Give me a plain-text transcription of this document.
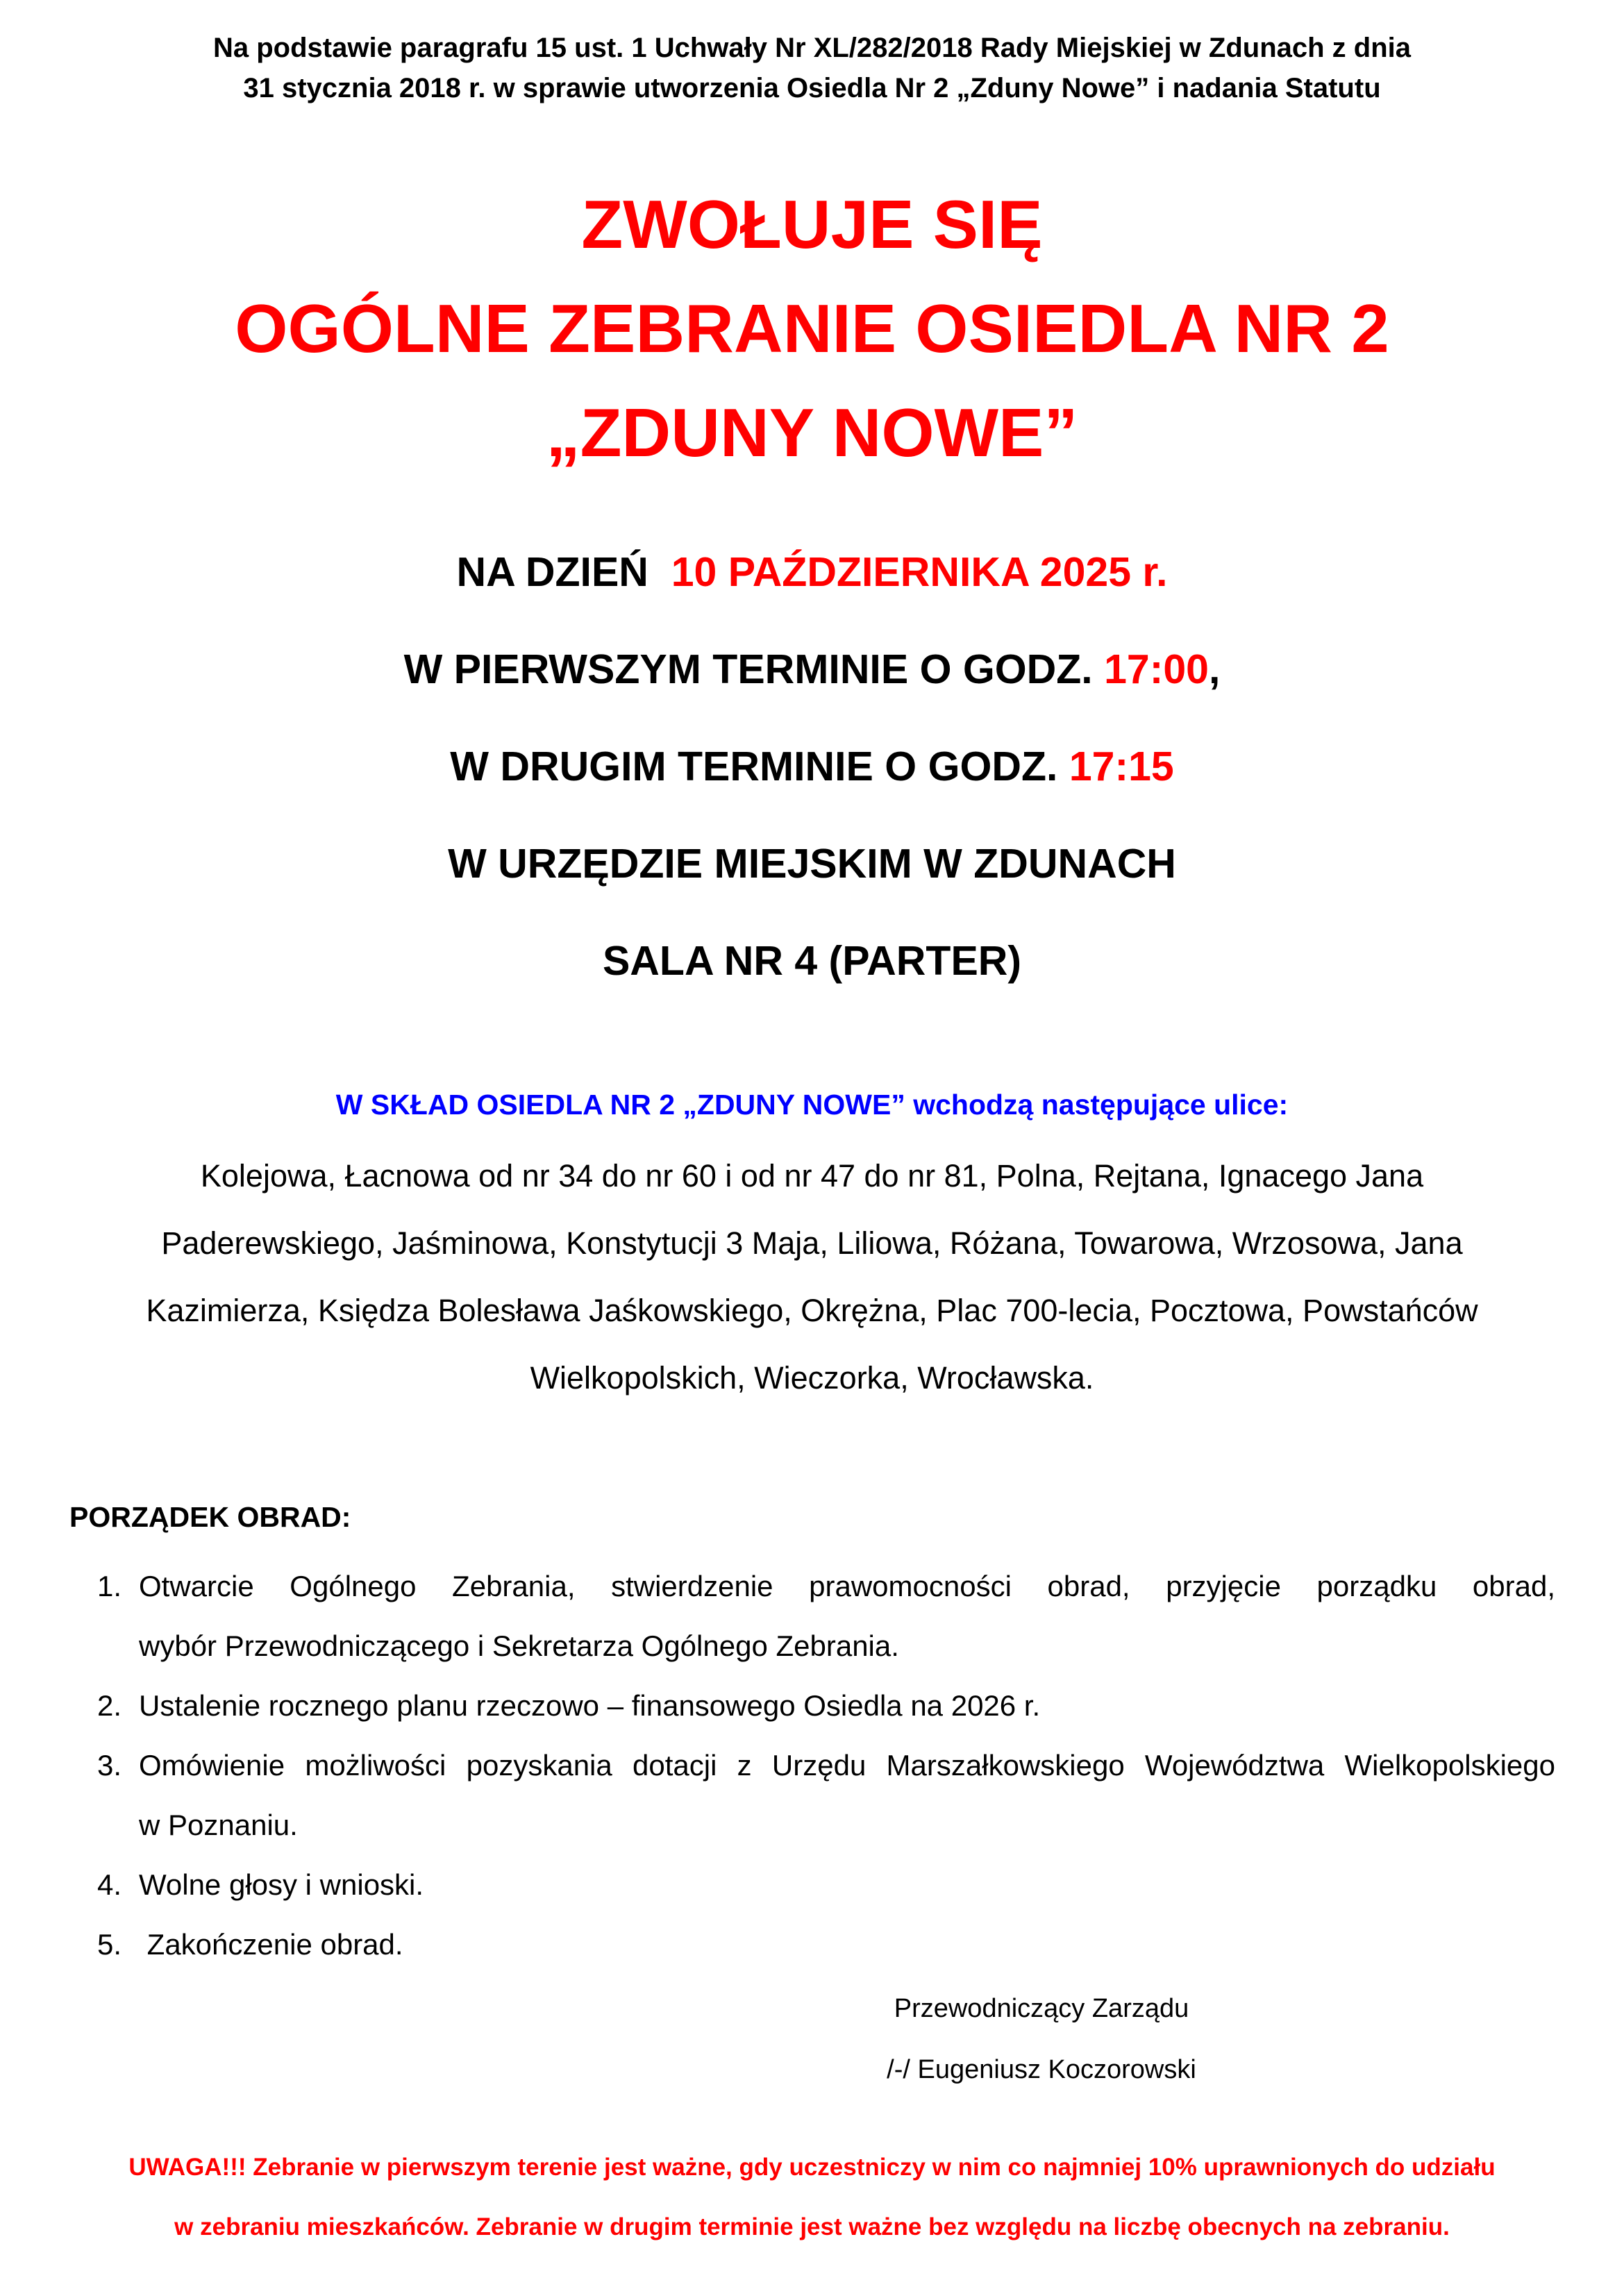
Na podstawie paragrafu 15 ust. 1 Uchwały Nr XL/282/2018 Rady Miejskiej w Zdunach z dnia
31 stycznia 2018 r. w sprawie utworzenia Osiedla Nr 2 „Zduny Nowe” i nadania Statutu
ZWOŁUJE SIĘ
OGÓLNE ZEBRANIE OSIEDLA NR 2
„ZDUNY NOWE”
NA DZIEŃ 10 PAŹDZIERNIKA 2025 r.
W PIERWSZYM TERMINIE O GODZ. 17:00,
W DRUGIM TERMINIE O GODZ. 17:15
W URZĘDZIE MIEJSKIM W ZDUNACH
SALA NR 4 (PARTER)
W SKŁAD OSIEDLA NR 2 „ZDUNY NOWE” wchodzą następujące ulice:
Kolejowa, Łacnowa od nr 34 do nr 60 i od nr 47 do nr 81, Polna, Rejtana, Ignacego Jana
Paderewskiego, Jaśminowa, Konstytucji 3 Maja, Liliowa, Różana, Towarowa, Wrzosowa, Jana
Kazimierza, Księdza Bolesława Jaśkowskiego, Okrężna, Plac 700-lecia, Pocztowa, Powstańców
Wielkopolskich, Wieczorka, Wrocławska.
PORZĄDEK OBRAD:
1. Otwarcie Ogólnego Zebrania, stwierdzenie prawomocności obrad, przyjęcie porządku obrad,
wybór Przewodniczącego i Sekretarza Ogólnego Zebrania.
2. Ustalenie rocznego planu rzeczowo – finansowego Osiedla na 2026 r.
3. Omówienie możliwości pozyskania dotacji z Urzędu Marszałkowskiego Województwa Wielkopolskiego
w Poznaniu.
4. Wolne głosy i wnioski.
5. Zakończenie obrad.
Przewodniczący Zarządu
/-/ Eugeniusz Koczorowski
UWAGA!!! Zebranie w pierwszym terenie jest ważne, gdy uczestniczy w nim co najmniej 10% uprawnionych do udziału
w zebraniu mieszkańców. Zebranie w drugim terminie jest ważne bez względu na liczbę obecnych na zebraniu.
